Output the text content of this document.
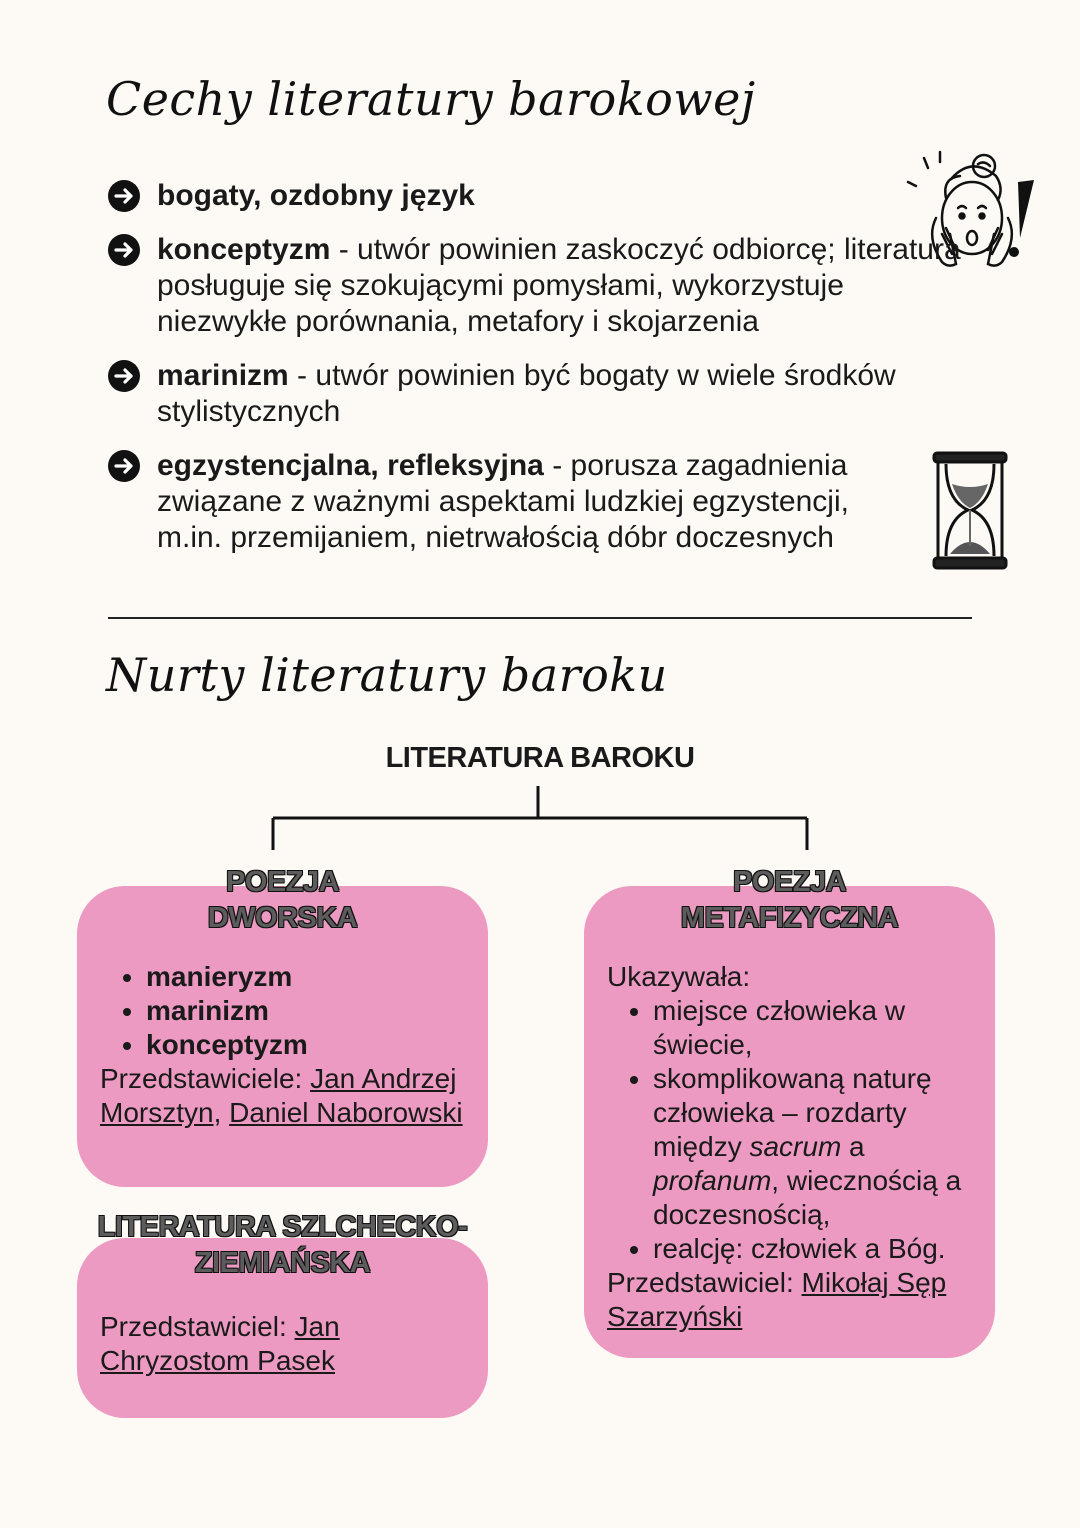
Cechy literatury barokowej
bogaty, ozdobny język
konceptyzm - utwór powinien zaskoczyć odbiorcę; literatura posługuje się szokującymi pomysłami, wykorzystuje niezwykłe porównania, metafory i skojarzenia
marinizm - utwór powinien być bogaty w wiele środków stylistycznych
egzystencjalna, refleksyjna - porusza zagadnienia związane z ważnymi aspektami ludzkiej egzystencji, m.in. przemijaniem, nietrwałością dóbr doczesnych
Nurty literatury baroku
LITERATURA BAROKU
POEZJA
DWORSKA
• manieryzm
• marinizm
• konceptyzm
Przedstawiciele: Jan Andrzej Morsztyn, Daniel Naborowski
LITERATURA SZLCHECKO-
ZIEMIAŃSKA
Przedstawiciel: Jan Chryzostom Pasek
POEZJA
METAFIZYCZNA
Ukazywała:
• miejsce człowieka w świecie,
• skomplikowaną naturę człowieka – rozdarty między sacrum a profanum, wiecznością a doczesnością,
• realcję: człowiek a Bóg.
Przedstawiciel: Mikołaj Sęp Szarzyński
